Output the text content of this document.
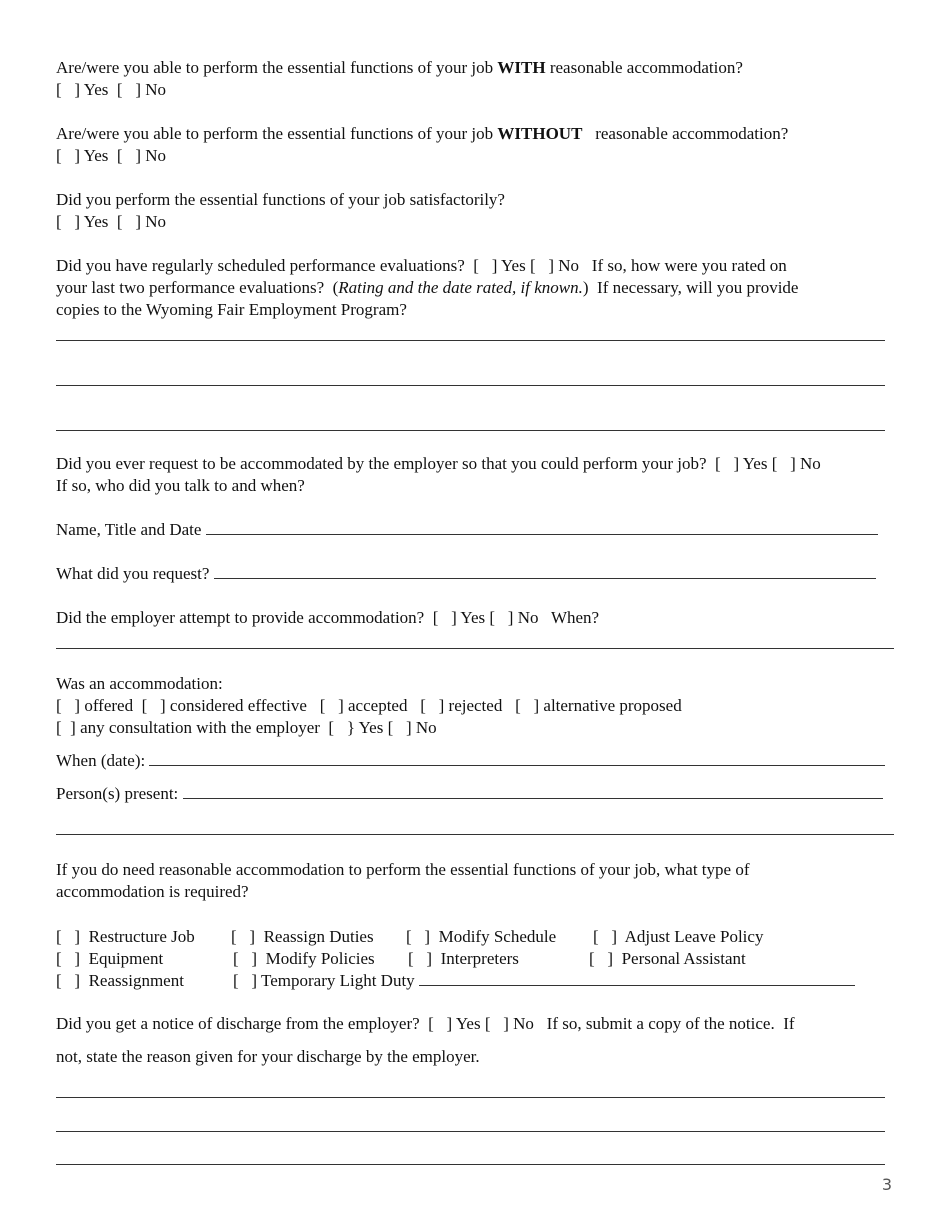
Are/were you able to perform the essential functions of your job WITH reasonable accommodation?
[   ] Yes  [   ] No
Are/were you able to perform the essential functions of your job WITHOUT   reasonable accommodation?
[   ] Yes  [   ] No
Did you perform the essential functions of your job satisfactorily?
[   ] Yes  [   ] No
Did you have regularly scheduled performance evaluations?  [   ] Yes [   ] No   If so, how were you rated on
your last two performance evaluations?  (Rating and the date rated, if known.)  If necessary, will you provide
copies to the Wyoming Fair Employment Program?
Did you ever request to be accommodated by the employer so that you could perform your job?  [   ] Yes [   ] No
If so, who did you talk to and when?
Name, Title and Date
What did you request?
Did the employer attempt to provide accommodation?  [   ] Yes [   ] No   When?
Was an accommodation:
[   ] offered  [   ] considered effective   [   ] accepted   [   ] rejected   [   ] alternative proposed
[  ] any consultation with the employer  [   } Yes [   ] No
When (date):
Person(s) present:
If you do need reasonable accommodation to perform the essential functions of your job, what type of
accommodation is required?
[   ]  Restructure Job [   ]  Reassign Duties [   ]  Modify Schedule [   ]  Adjust Leave Policy
[   ]  Equipment	[   ]  Modify Policies [   ]  Interpreters	[   ]  Personal Assistant
[   ]  Reassignment	[   ] Temporary Light Duty
Did you get a notice of discharge from the employer?  [   ] Yes [   ] No   If so, submit a copy of the notice.  If
not, state the reason given for your discharge by the employer.
3
